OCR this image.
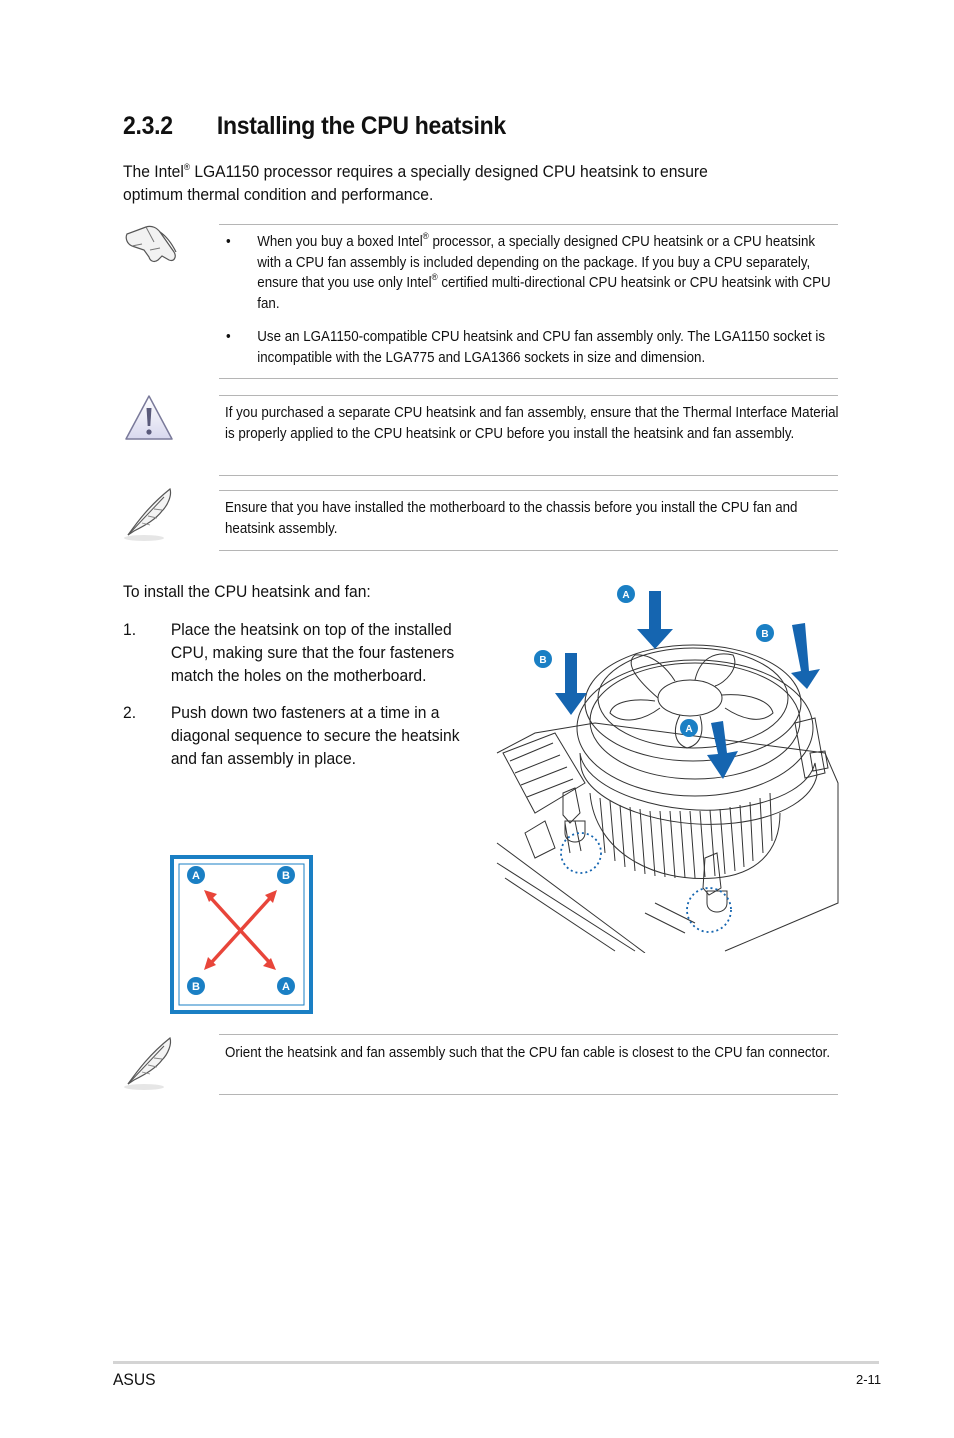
2.3.2 Installing the CPU heatsink
The Intel® LGA1150 processor requires a specially designed CPU heatsink to ensure optimum thermal condition and performance.
• When you buy a boxed Intel® processor, a specially designed CPU heatsink or a CPU heatsink with a CPU fan assembly is included depending on the package. If you buy a CPU separately, ensure that you use only Intel® certified multi-directional CPU heatsink or CPU heatsink with CPU fan.
• Use an LGA1150-compatible CPU heatsink and CPU fan assembly only. The LGA1150 socket is incompatible with the LGA775 and LGA1366 sockets in size and dimension.
If you purchased a separate CPU heatsink and fan assembly, ensure that the Thermal Interface Material is properly applied to the CPU heatsink or CPU before you install the heatsink and fan assembly.
Ensure that you have installed the motherboard to the chassis before you install the CPU fan and heatsink assembly.
To install the CPU heatsink and fan:
1. Place the heatsink on top of the installed CPU, making sure that the four fasteners match the holes on the motherboard.
2. Push down two fasteners at a time in a diagonal sequence to secure the heatsink and fan assembly in place.
A	B
B	A
A
B
B
A
Orient the heatsink and fan assembly such that the CPU fan cable is closest to the CPU fan connector.
ASUS	2-11
